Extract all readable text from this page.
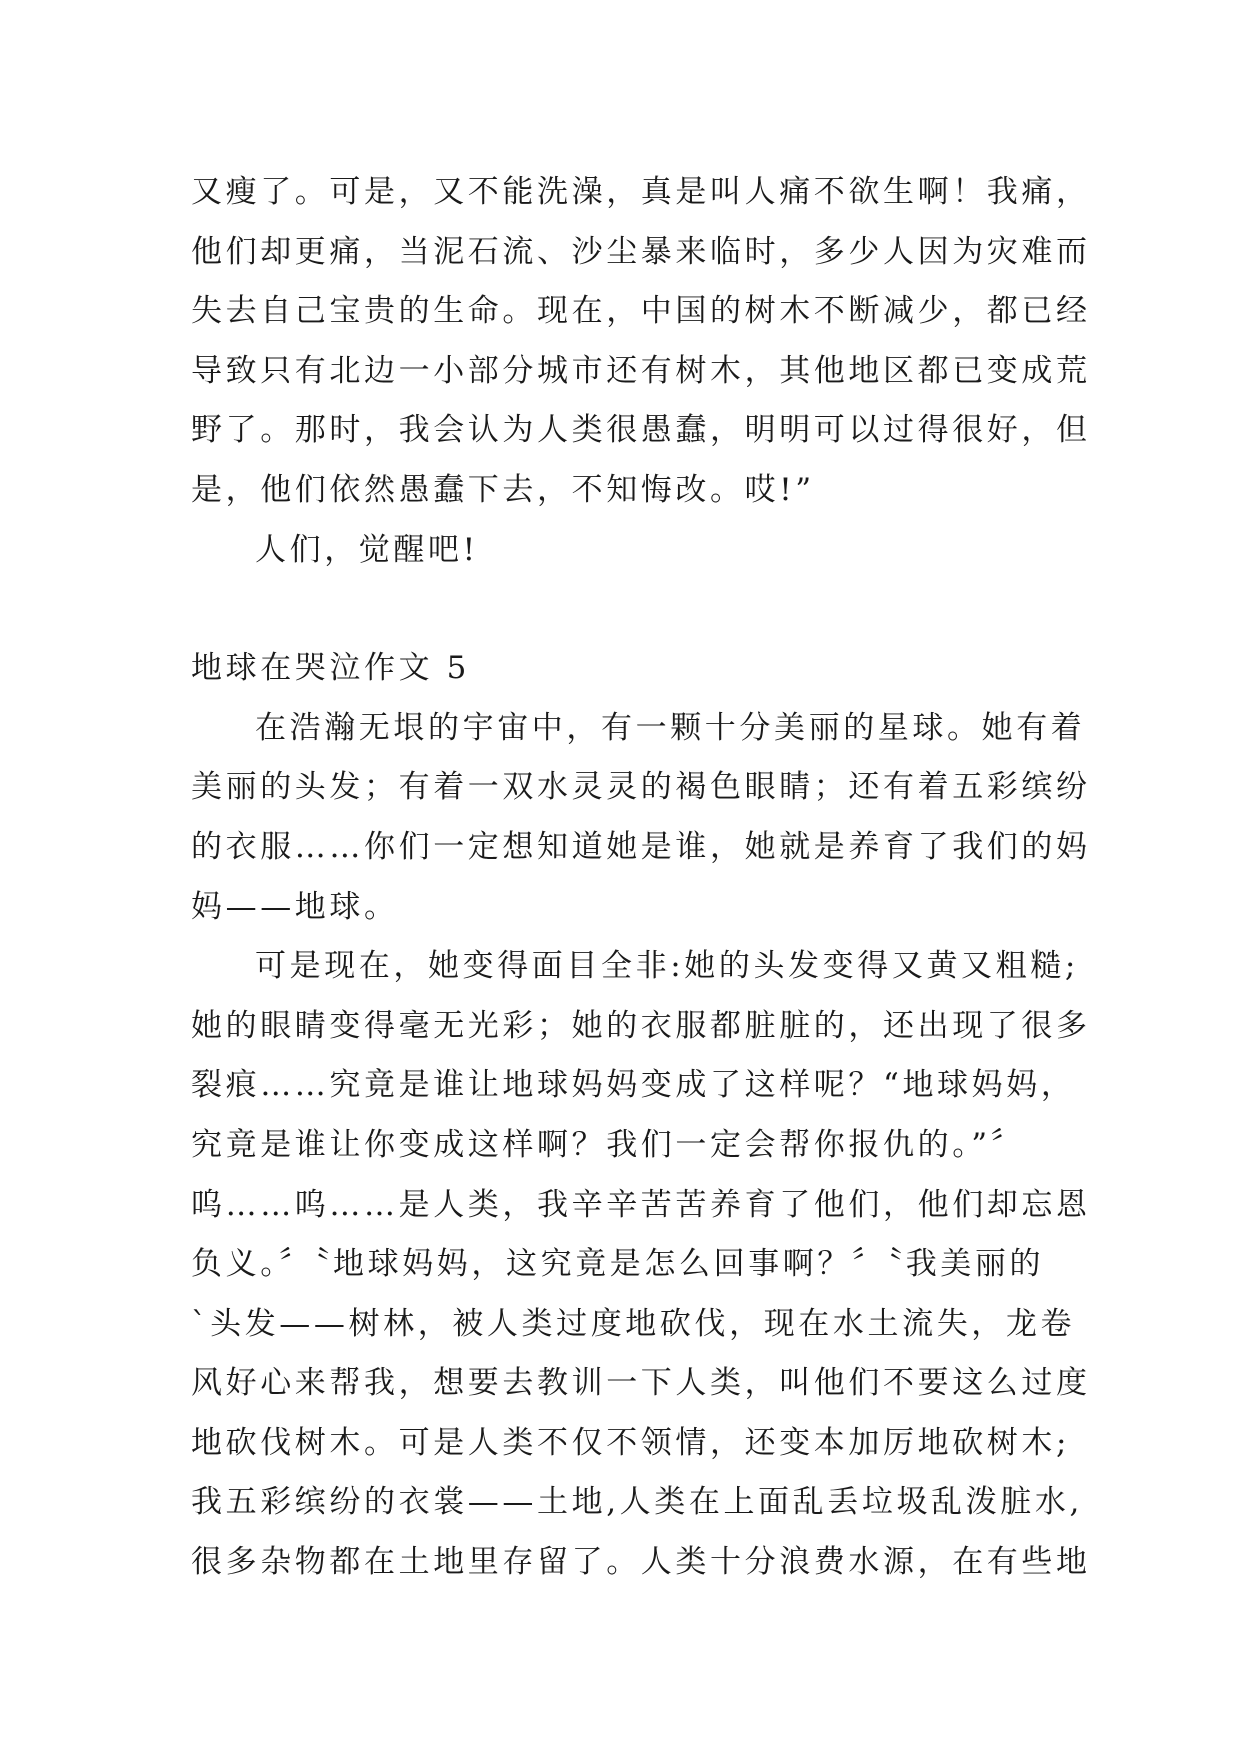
又瘦了。可是，又不能洗澡，真是叫人痛不欲生啊！我痛，
他们却更痛，当泥石流、沙尘暴来临时，多少人因为灾难而
失去自己宝贵的生命。现在，中国的树木不断减少，都已经
导致只有北边一小部分城市还有树木，其他地区都已变成荒
野了。那时，我会认为人类很愚蠢，明明可以过得很好，但
是，他们依然愚蠢下去，不知悔改。哎!”
人们，觉醒吧!
地球在哭泣作文 5
在浩瀚无垠的宇宙中，有一颗十分美丽的星球。她有着
美丽的头发；有着一双水灵灵的褐色眼睛；还有着五彩缤纷
的衣服……你们一定想知道她是谁，她就是养育了我们的妈
妈——地球。
可是现在，她变得面目全非:她的头发变得又黄又粗糙;
她的眼睛变得毫无光彩；她的衣服都脏脏的，还出现了很多
裂痕……究竟是谁让地球妈妈变成了这样呢？“地球妈妈，
究竟是谁让你变成这样啊？我们一定会帮你报仇的。”〞
呜……呜……是人类，我辛辛苦苦养育了他们，他们却忘恩
负义。〞〝地球妈妈，这究竟是怎么回事啊？〞〝我美丽的
`头发——树林，被人类过度地砍伐，现在水土流失，龙卷
风好心来帮我，想要去教训一下人类，叫他们不要这么过度
地砍伐树木。可是人类不仅不领情，还变本加厉地砍树木;
我五彩缤纷的衣裳——土地,人类在上面乱丢垃圾乱泼脏水,
很多杂物都在土地里存留了。人类十分浪费水源，在有些地
